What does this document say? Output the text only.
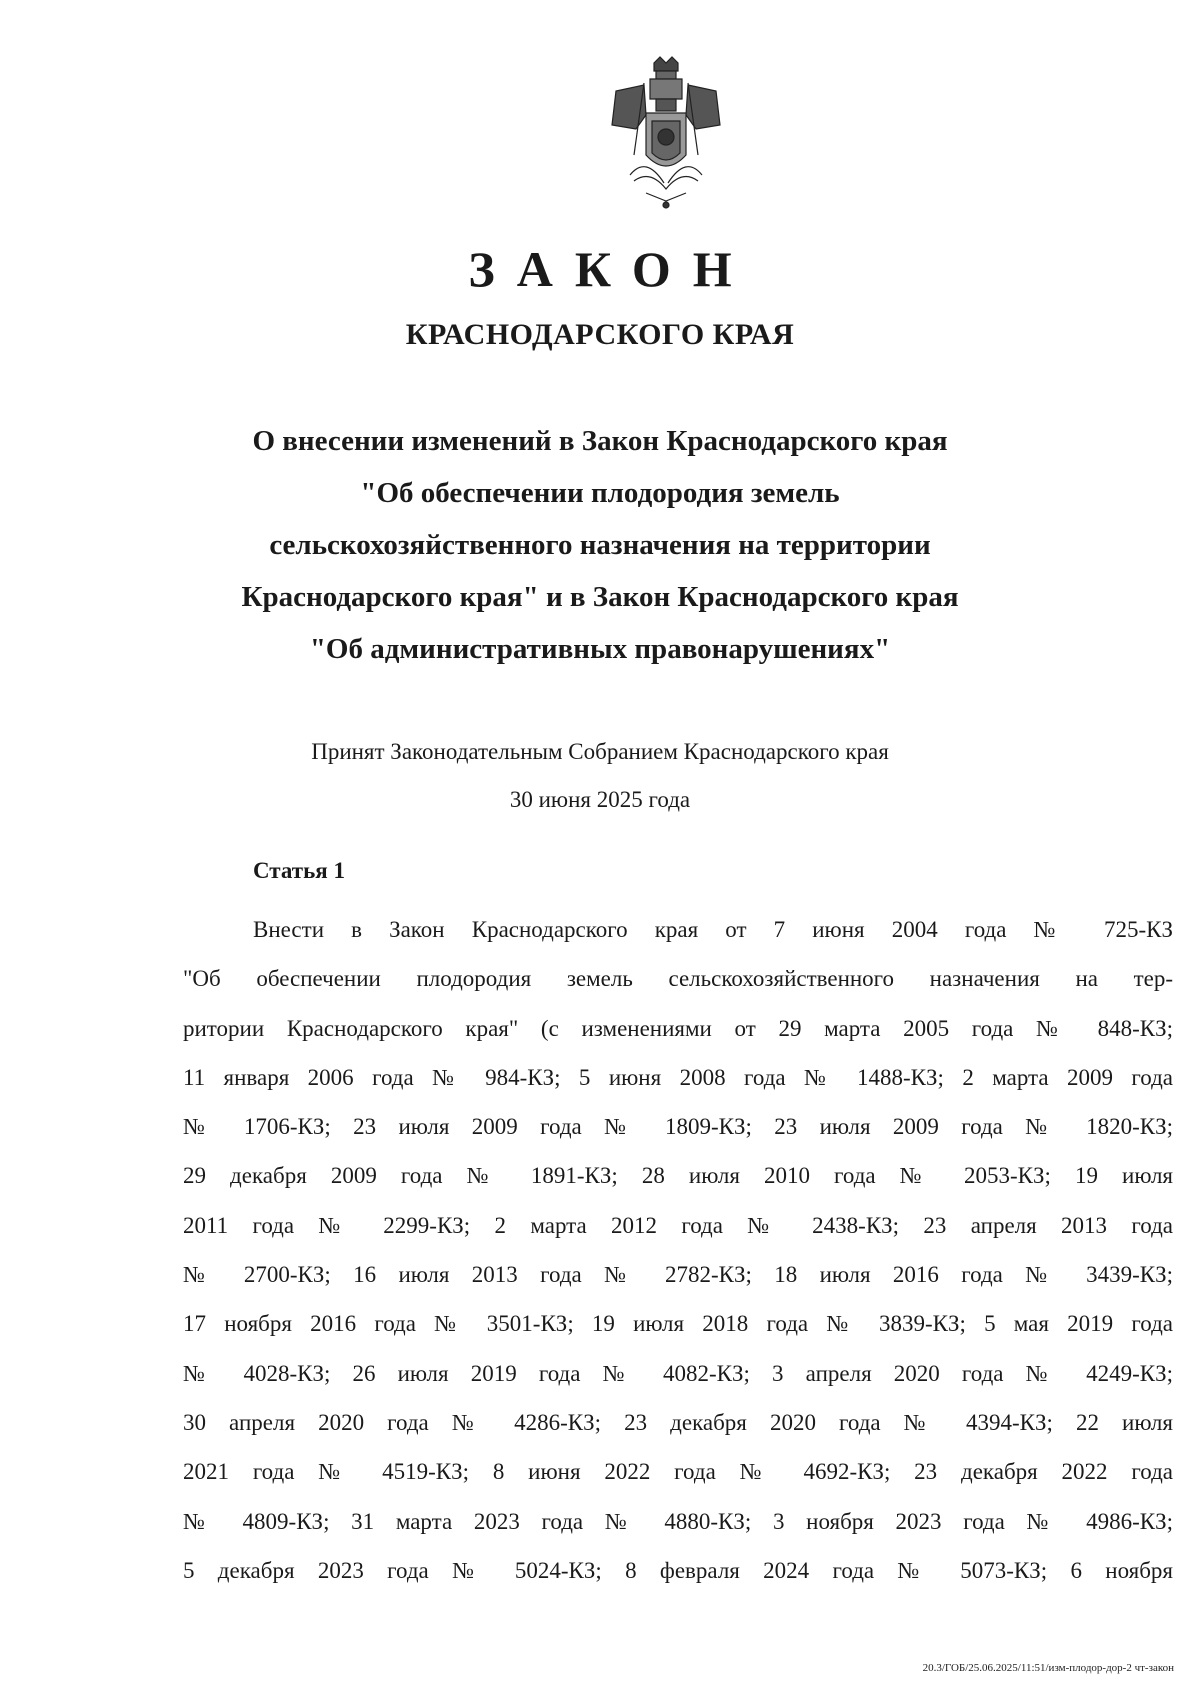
ЗАКОН
КРАСНОДАРСКОГО КРАЯ
О внесении изменений в Закон Краснодарского края
"Об обеспечении плодородия земель
сельскохозяйственного назначения на территории
Краснодарского края" и в Закон Краснодарского края
"Об административных правонарушениях"
Принят Законодательным Собранием Краснодарского края
30 июня 2025 года
Статья 1
Внести в Закон Краснодарского края от 7 июня 2004 года № 725-КЗ
"Об обеспечении плодородия земель сельскохозяйственного назначения на тер-
ритории Краснодарского края" (с изменениями от 29 марта 2005 года № 848-КЗ;
11 января 2006 года № 984-КЗ; 5 июня 2008 года № 1488-КЗ; 2 марта 2009 года
№ 1706-КЗ; 23 июля 2009 года № 1809-КЗ; 23 июля 2009 года № 1820-КЗ;
29 декабря 2009 года № 1891-КЗ; 28 июля 2010 года № 2053-КЗ; 19 июля
2011 года № 2299-КЗ; 2 марта 2012 года № 2438-КЗ; 23 апреля 2013 года
№ 2700-КЗ; 16 июля 2013 года № 2782-КЗ; 18 июля 2016 года № 3439-КЗ;
17 ноября 2016 года № 3501-КЗ; 19 июля 2018 года № 3839-КЗ; 5 мая 2019 года
№ 4028-КЗ; 26 июля 2019 года № 4082-КЗ; 3 апреля 2020 года № 4249-КЗ;
30 апреля 2020 года № 4286-КЗ; 23 декабря 2020 года № 4394-КЗ; 22 июля
2021 года № 4519-КЗ; 8 июня 2022 года № 4692-КЗ; 23 декабря 2022 года
№ 4809-КЗ; 31 марта 2023 года № 4880-КЗ; 3 ноября 2023 года № 4986-КЗ;
5 декабря 2023 года № 5024-КЗ; 8 февраля 2024 года № 5073-КЗ; 6 ноября
20.3/ГОБ/25.06.2025/11:51/изм-плодор-дор-2 чт-закон
